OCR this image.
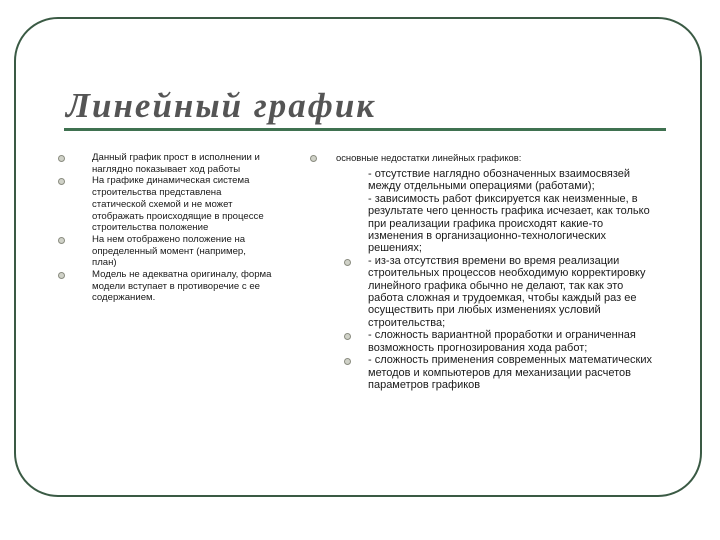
Линейный график
Данный график прост в исполнении и наглядно показывает ход работы
На графике динамическая система строительства представлена статической схемой и не может отображать происходящие в процессе строительства положение
На нем отображено положение на определенный момент (например, план)
Модель не адекватна оригиналу, форма модели вступает в противоречие с ее содержанием.
основные недостатки линейных графиков:
- отсутствие наглядно обозначенных взаимосвязей между отдельными операциями (работами);
- зависимость работ фиксируется как неизменные, в результате чего ценность графика исчезает, как только при реализации графика происходят какие-то изменения в организационно-технологических решениях;
- из-за отсутствия времени во время реализации строительных процессов необходимую корректировку линейного графика обычно не делают, так как это работа сложная и трудоемкая, чтобы каждый раз ее осуществить при любых изменениях условий строительства;
- сложность вариантной проработки и ограниченная возможность прогнозирования хода работ;
- сложность применения современных математических методов и компьютеров для механизации расчетов параметров графиков
